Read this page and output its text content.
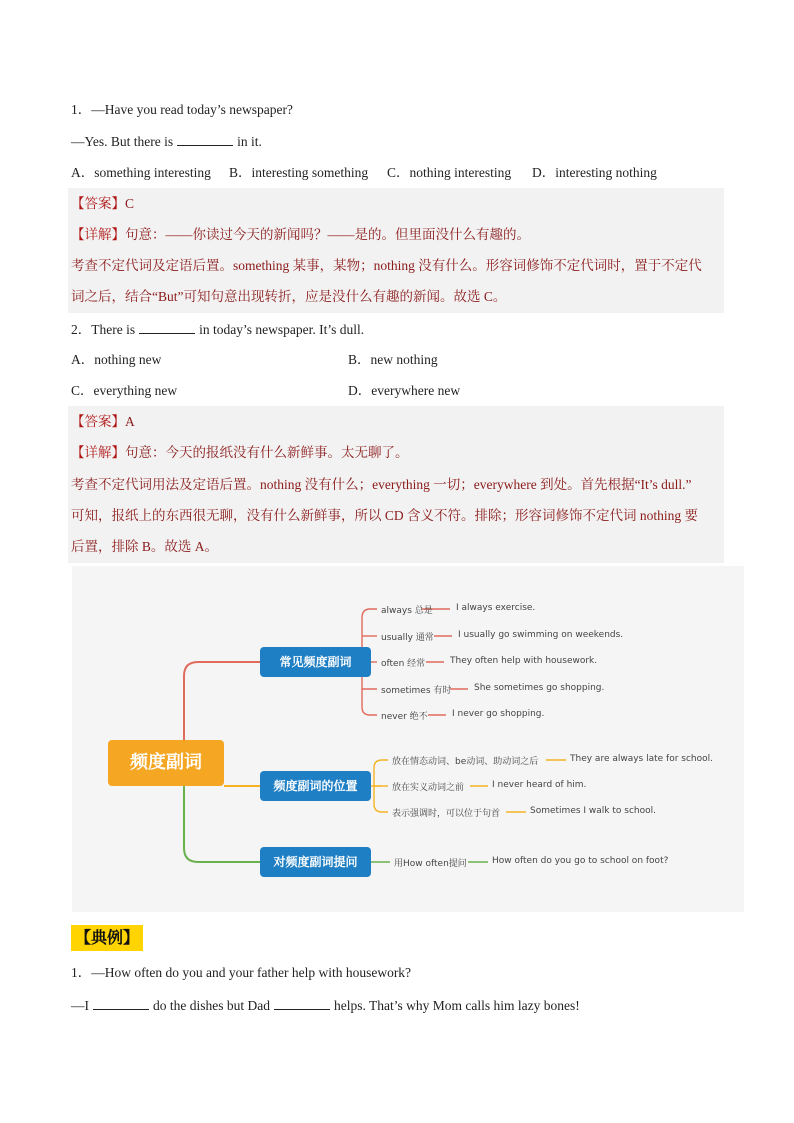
1．—Have you read today’s newspaper?
—Yes. But there is	in it.
A．something interesting B．interesting something C．nothing interesting D．interesting nothing
【答案】C
【详解】句意：——你读过今天的新闻吗？——是的。但里面没什么有趣的。
考查不定代词及定语后置。something 某事，某物；nothing 没有什么。形容词修饰不定代词时，置于不定代
词之后，结合“But”可知句意出现转折，应是没什么有趣的新闻。故选 C。
2．There is	in today’s newspaper. It’s dull.
A．nothing new	B．new nothing
C．everything new	D．everywhere new
【答案】A
【详解】句意：今天的报纸没有什么新鲜事。太无聊了。
考查不定代词用法及定语后置。nothing 没有什么；everything 一切；everywhere 到处。首先根据“It’s dull.”
可知，报纸上的东西很无聊，没有什么新鲜事，所以 CD 含义不符。排除；形容词修饰不定代词 nothing 要
后置，排除 B。故选 A。
频度副词
常见频度副词
频度副词的位置
对频度副词提问
always 总是	I always exercise.
usually 通常	I usually go swimming on weekends.
often 经常	They often help with housework.
sometimes 有时	She sometimes go shopping.
never 绝不	I never go shopping.
放在情态动词、be动词、助动词之后	They are always late for school.
放在实义动词之前	I never heard of him.
表示强调时，可以位于句首	Sometimes I walk to school.
用How often提问	How often do you go to school on foot?
【典例】
1．—How often do you and your father help with housework?
—I	do the dishes but Dad	helps. That’s why Mom calls him lazy bones!
